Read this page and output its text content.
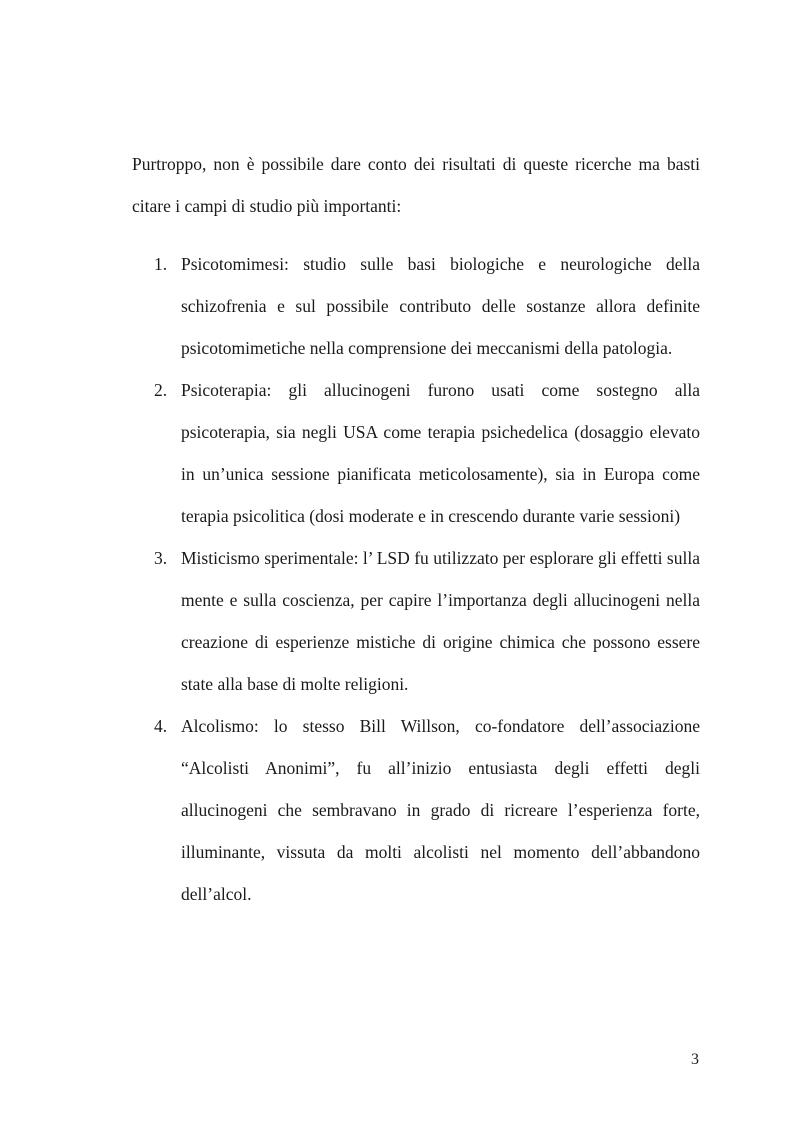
Purtroppo, non è possibile dare conto dei risultati di queste ricerche ma basti citare i campi di studio più importanti:

1. Psicotomimesi: studio sulle basi biologiche e neurologiche della schizofrenia e sul possibile contributo delle sostanze allora definite psicotomimetiche nella comprensione dei meccanismi della patologia.
2. Psicoterapia: gli allucinogeni furono usati come sostegno alla psicoterapia, sia negli USA come terapia psichedelica (dosaggio elevato in un’unica sessione pianificata meticolosamente), sia in Europa come terapia psicolitica (dosi moderate e in crescendo durante varie sessioni)
3. Misticismo sperimentale: l’ LSD fu utilizzato per esplorare gli effetti sulla mente e sulla coscienza, per capire l’importanza degli allucinogeni nella creazione di esperienze mistiche di origine chimica che possono essere state alla base di molte religioni.
4. Alcolismo: lo stesso Bill Willson, co-fondatore dell’associazione “Alcolisti Anonimi”, fu all’inizio entusiasta degli effetti degli allucinogeni che sembravano in grado di ricreare l’esperienza forte, illuminante, vissuta da molti alcolisti nel momento dell’abbandono dell’alcol.
3
